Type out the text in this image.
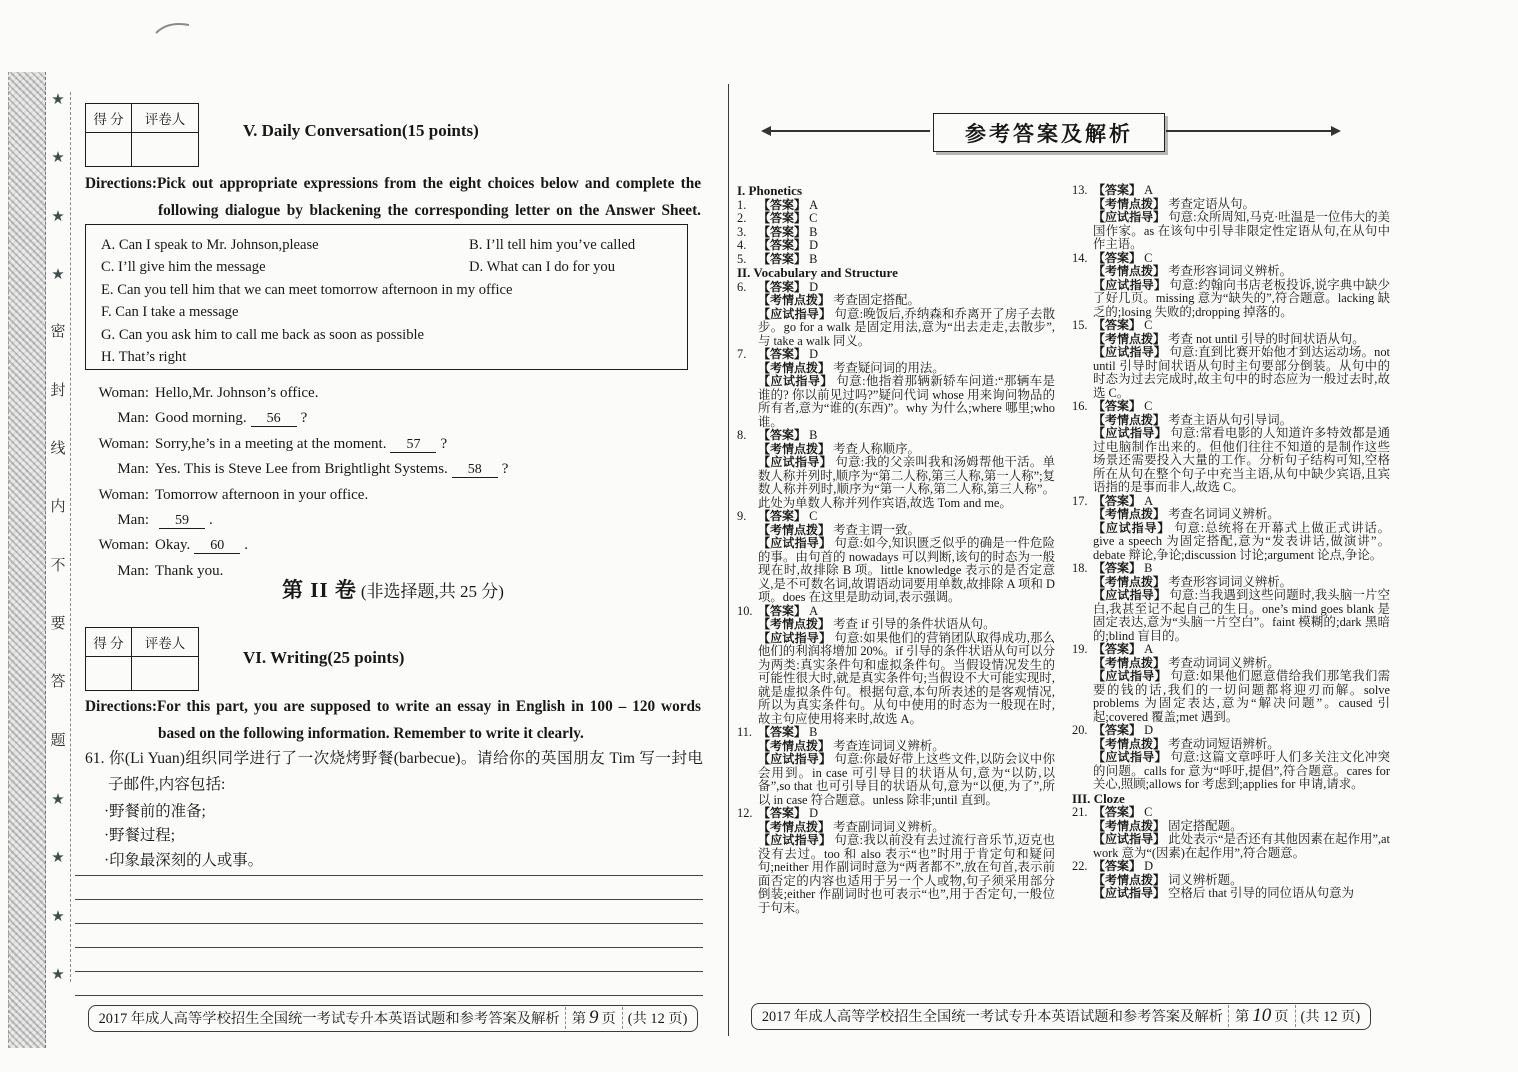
★
★
★
★
密
封
线
内
不
要
答
题
★
★
★
★
得 分	评卷人
V. Daily Conversation(15 points)
Directions:Pick out appropriate expressions from the eight choices below and complete the
following dialogue by blackening the corresponding letter on the Answer Sheet.
A. Can I speak to Mr. Johnson,please	B. I’ll tell him you’ve called
C. I’ll give him the message	D. What can I do for you
E. Can you tell him that we can meet tomorrow afternoon in my office
F. Can I take a message
G. Can you ask him to call me back as soon as possible
H. That’s right
Woman: Hello,Mr. Johnson’s office.
Man: Good morning. 56 ?
Woman: Sorry,he’s in a meeting at the moment. 57 ?
Man: Yes. This is Steve Lee from Brightlight Systems. 58 ?
Woman: Tomorrow afternoon in your office.
Man: 59 .
Woman: Okay. 60 .
Man: Thank you.
第 II 卷 (非选择题,共 25 分)
得 分	评卷人
VI. Writing(25 points)
Directions:For this part, you are supposed to write an essay in English in 100 – 120 words
based on the following information. Remember to write it clearly.
61. 你(Li Yuan)组织同学进行了一次烧烤野餐(barbecue)。请给你的英国朋友 Tim 写一封电
子邮件,内容包括:
·野餐前的准备;
·野餐过程;
·印象最深刻的人或事。
2017 年成人高等学校招生全国统一考试专升本英语试题和参考答案及解析 第 9 页 (共 12 页)
参考答案及解析
I. Phonetics
1. 【答案】 A

2. 【答案】 C

3. 【答案】 B

4. 【答案】 D

5. 【答案】 B

II. Vocabulary and Structure
6. 【答案】 D

【考情点拨】 考查固定搭配。

【应试指导】 句意:晚饭后,乔纳森和乔离开了房子去散步。go for a walk 是固定用法,意为“出去走走,去散步”,与 take a walk 同义。

7. 【答案】 D

【考情点拨】 考查疑问词的用法。

【应试指导】 句意:他指着那辆新轿车问道:“那辆车是谁的? 你以前见过吗?”疑问代词 whose 用来询问物品的所有者,意为“谁的(东西)”。why 为什么;where 哪里;who 谁。

8. 【答案】 B

【考情点拨】 考查人称顺序。

【应试指导】 句意:我的父亲叫我和汤姆帮他干活。单数人称并列时,顺序为“第二人称,第三人称,第一人称”;复数人称并列时,顺序为“第一人称,第二人称,第三人称”。此处为单数人称并列作宾语,故选 Tom and me。

9. 【答案】 C

【考情点拨】 考查主谓一致。

【应试指导】 句意:如今,知识匮乏似乎的确是一件危险的事。由句首的 nowadays 可以判断,该句的时态为一般现在时,故排除 B 项。little knowledge 表示的是否定意义,是不可数名词,故谓语动词要用单数,故排除 A 项和 D 项。does 在这里是助动词,表示强调。

10. 【答案】 A

【考情点拨】 考查 if 引导的条件状语从句。

【应试指导】 句意:如果他们的营销团队取得成功,那么他们的利润将增加 20%。if 引导的条件状语从句可以分为两类:真实条件句和虚拟条件句。当假设情况发生的可能性很大时,就是真实条件句;当假设不大可能实现时,就是虚拟条件句。根据句意,本句所表述的是客观情况,所以为真实条件句。从句中使用的时态为一般现在时,故主句应使用将来时,故选 A。

11. 【答案】 B

【考情点拨】 考查连词词义辨析。

【应试指导】 句意:你最好带上这些文件,以防会议中你会用到。in case 可引导目的状语从句,意为“以防,以备”,so that 也可引导目的状语从句,意为“以便,为了”,所以 in case 符合题意。unless 除非;until 直到。

12. 【答案】 D

【考情点拨】 考查副词词义辨析。

【应试指导】 句意:我以前没有去过流行音乐节,迈克也没有去过。too 和 also 表示“也”时用于肯定句和疑问句;neither 用作副词时意为“两者都不”,放在句首,表示前面否定的内容也适用于另一个人或物,句子须采用部分倒装;either 作副词时也可表示“也”,用于否定句,一般位于句末。

13. 【答案】 A

【考情点拨】 考查定语从句。

【应试指导】 句意:众所周知,马克·吐温是一位伟大的美国作家。as 在该句中引导非限定性定语从句,在从句中作主语。

14. 【答案】 C

【考情点拨】 考查形容词词义辨析。

【应试指导】 句意:约翰向书店老板投诉,说字典中缺少了好几页。missing 意为“缺失的”,符合题意。lacking 缺乏的;losing 失败的;dropping 掉落的。

15. 【答案】 C

【考情点拨】 考查 not until 引导的时间状语从句。

【应试指导】 句意:直到比赛开始他才到达运动场。not until 引导时间状语从句时主句要部分倒装。从句中的时态为过去完成时,故主句中的时态应为一般过去时,故选 C。

16. 【答案】 C

【考情点拨】 考查主语从句引导词。

【应试指导】 句意:常看电影的人知道许多特效都是通过电脑制作出来的。但他们往往不知道的是制作这些场景还需要投入大量的工作。分析句子结构可知,空格所在从句在整个句子中充当主语,从句中缺少宾语,且宾语指的是事而非人,故选 C。

17. 【答案】 A

【考情点拨】 考查名词词义辨析。

【应试指导】 句意:总统将在开幕式上做正式讲话。give a speech 为固定搭配,意为“发表讲话,做演讲”。debate 辩论,争论;discussion 讨论;argument 论点,争论。

18. 【答案】 B

【考情点拨】 考查形容词词义辨析。

【应试指导】 句意:当我遇到这些问题时,我头脑一片空白,我甚至记不起自己的生日。one’s mind goes blank 是固定表达,意为“头脑一片空白”。faint 模糊的;dark 黑暗的;blind 盲目的。

19. 【答案】 A

【考情点拨】 考查动词词义辨析。

【应试指导】 句意:如果他们愿意借给我们那笔我们需要的钱的话,我们的一切问题都将迎刃而解。solve problems 为固定表达,意为“解决问题”。caused 引起;covered 覆盖;met 遇到。

20. 【答案】 D

【考情点拨】 考查动词短语辨析。

【应试指导】 句意:这篇文章呼吁人们多关注文化冲突的问题。calls for 意为“呼吁,提倡”,符合题意。cares for 关心,照顾;allows for 考虑到;applies for 申请,请求。

III. Cloze
21. 【答案】 C

【考情点拨】 固定搭配题。

【应试指导】 此处表示“是否还有其他因素在起作用”,at work 意为“(因素)在起作用”,符合题意。

22. 【答案】 D

【考情点拨】 词义辨析题。

【应试指导】 空格后 that 引导的同位语从句意为

2017 年成人高等学校招生全国统一考试专升本英语试题和参考答案及解析 第 10 页 (共 12 页)
